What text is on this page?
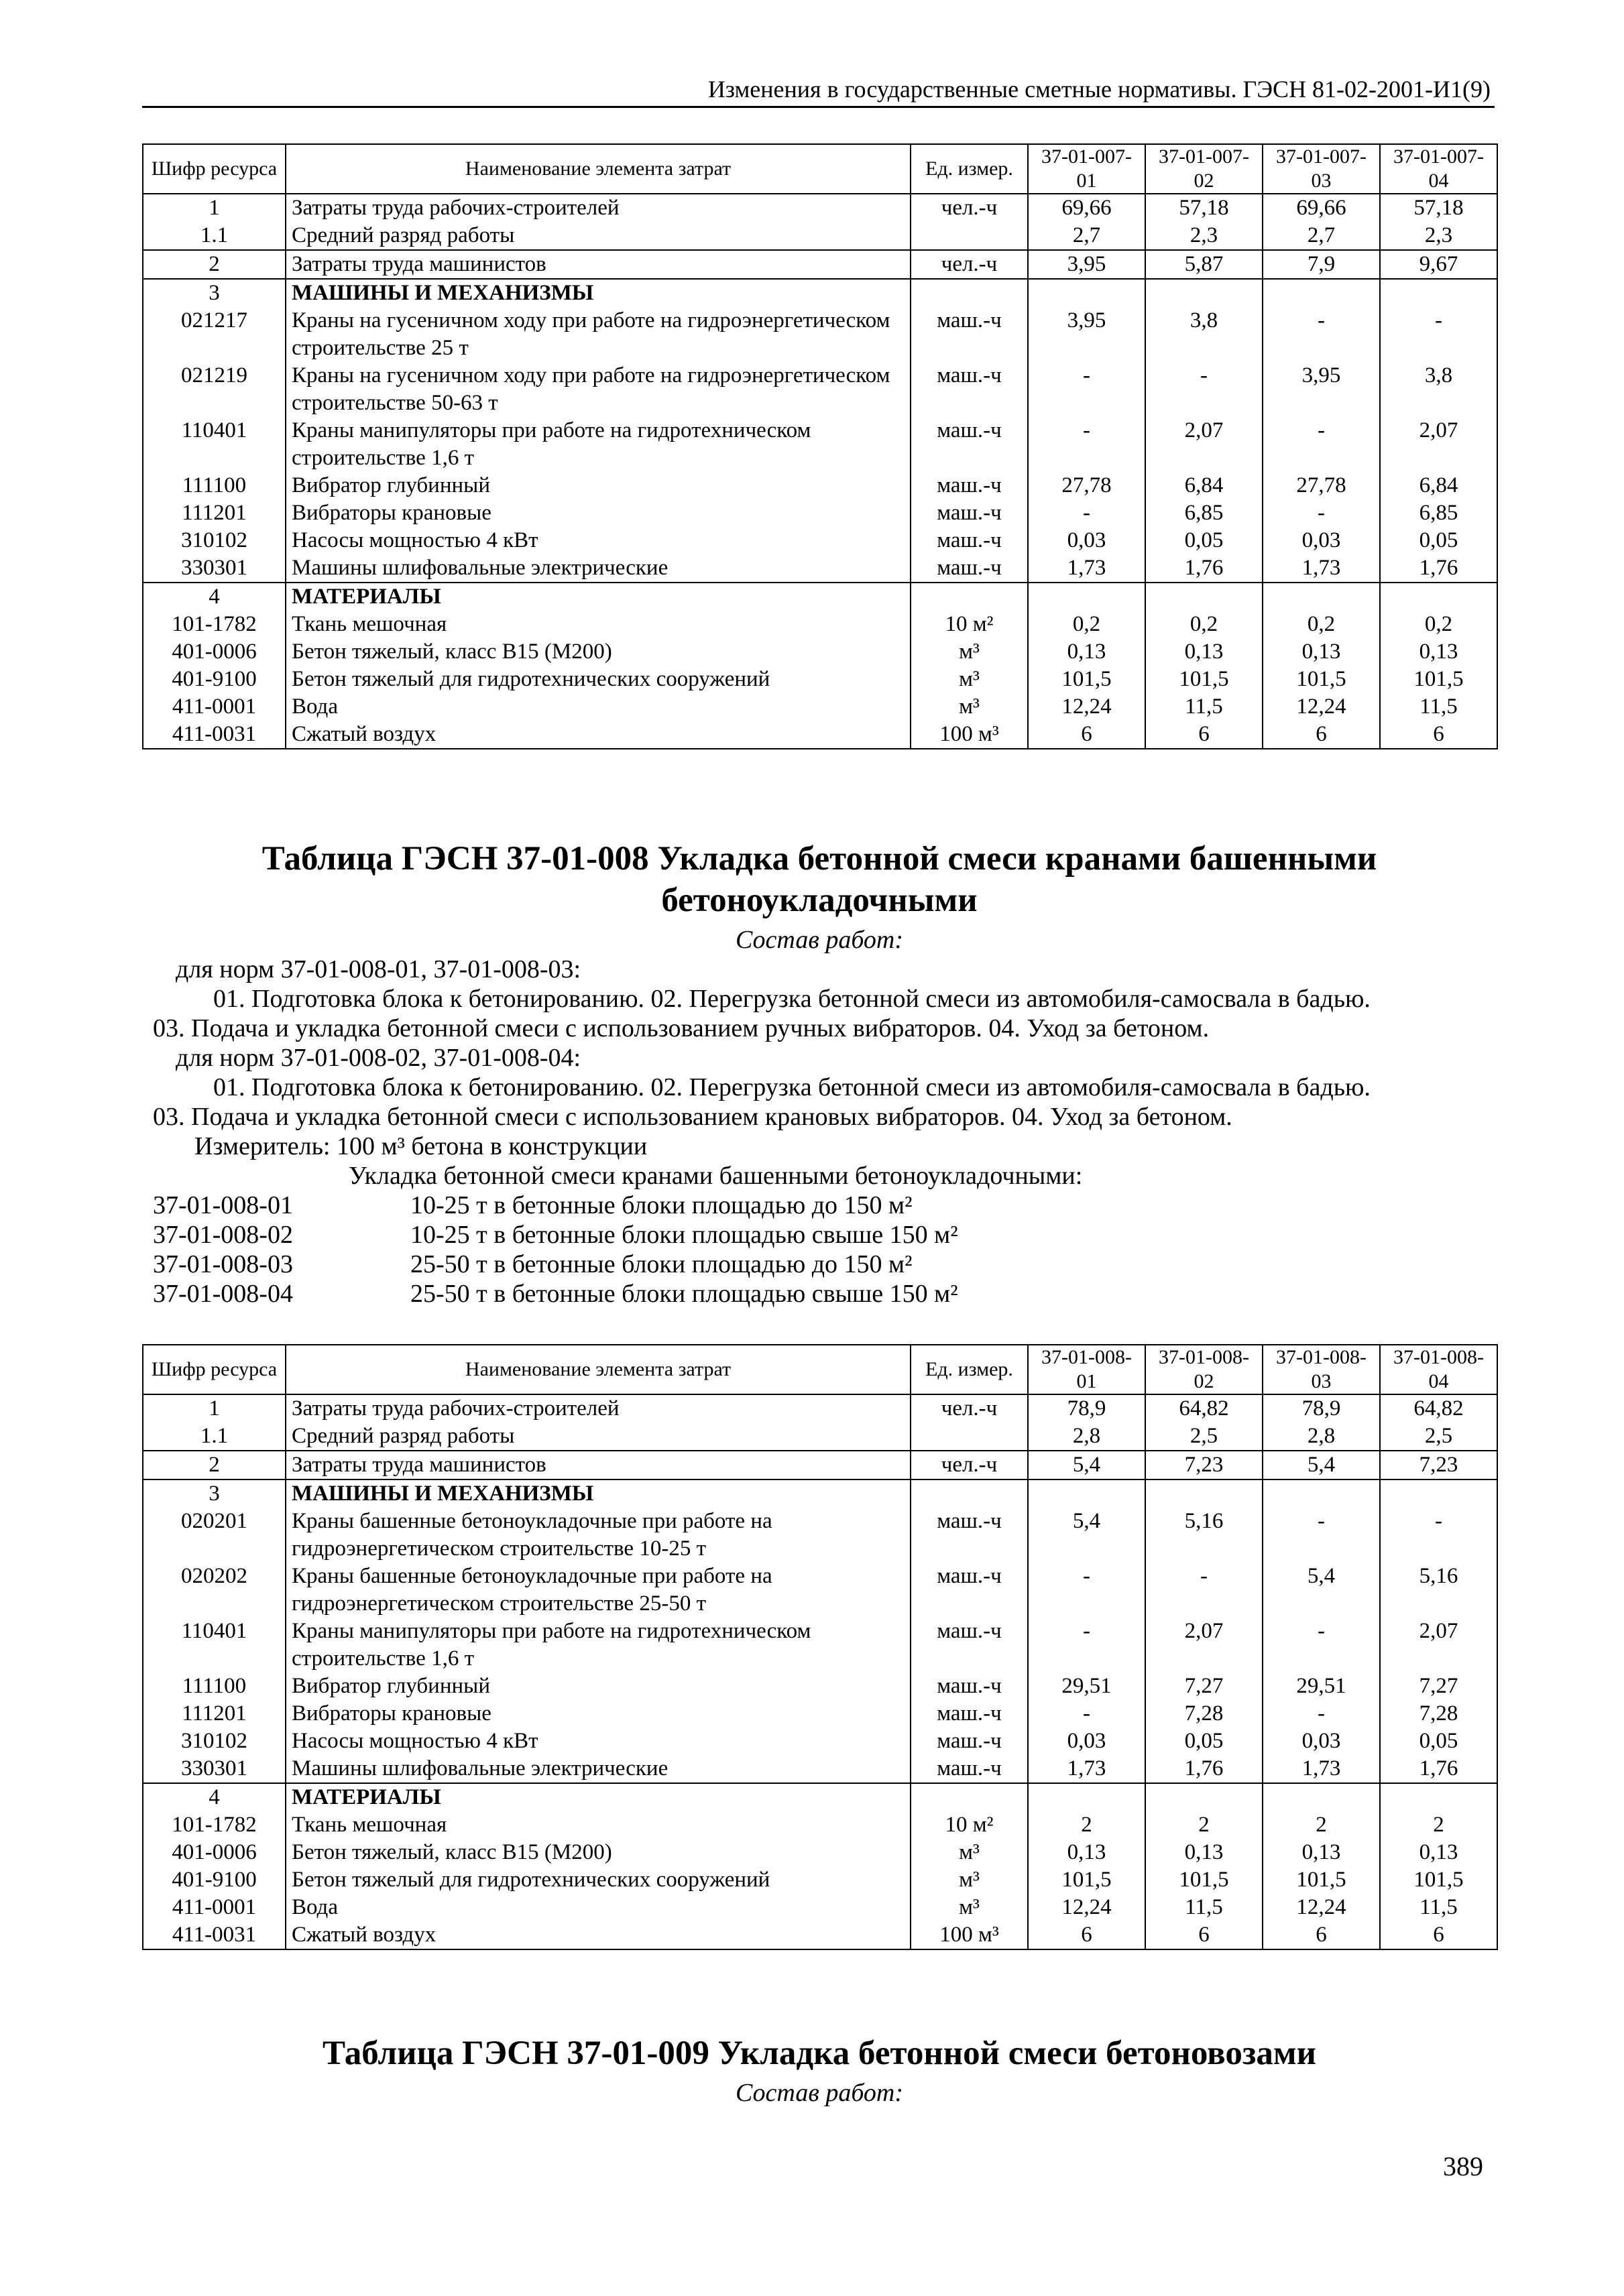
Изменения в государственные сметные нормативы. ГЭСН 81-02-2001-И1(9)
Шифр ресурса	Наименование элемента затрат	Ед. измер.	37-01-007-01	37-01-007-02	37-01-007-03	37-01-007-04
1	Затраты труда рабочих-строителей	чел.-ч	69,66	57,18	69,66	57,18
1.1	Средний разряд работы		2,7	2,3	2,7	2,3
2	Затраты труда машинистов	чел.-ч	3,95	5,87	7,9	9,67
3	МАШИНЫ И МЕХАНИЗМЫ					
021217	Краны на гусеничном ходу при работе на гидроэнергетическом строительстве 25 т	маш.-ч	3,95	3,8	-	-
021219	Краны на гусеничном ходу при работе на гидроэнергетическом строительстве 50-63 т	маш.-ч	-	-	3,95	3,8
110401	Краны манипуляторы при работе на гидротехническом строительстве 1,6 т	маш.-ч	-	2,07	-	2,07
111100	Вибратор глубинный	маш.-ч	27,78	6,84	27,78	6,84
111201	Вибраторы крановые	маш.-ч	-	6,85	-	6,85
310102	Насосы мощностью 4 кВт	маш.-ч	0,03	0,05	0,03	0,05
330301	Машины шлифовальные электрические	маш.-ч	1,73	1,76	1,73	1,76
4	МАТЕРИАЛЫ					
101-1782	Ткань мешочная	10 м²	0,2	0,2	0,2	0,2
401-0006	Бетон тяжелый, класс В15 (М200)	м³	0,13	0,13	0,13	0,13
401-9100	Бетон тяжелый для гидротехнических сооружений	м³	101,5	101,5	101,5	101,5
411-0001	Вода	м³	12,24	11,5	12,24	11,5
411-0031	Сжатый воздух	100 м³	6	6	6	6
Таблица ГЭСН 37-01-008 Укладка бетонной смеси кранами башенными
бетоноукладочными
Состав работ:
для норм 37-01-008-01, 37-01-008-03:
01. Подготовка блока к бетонированию. 02. Перегрузка бетонной смеси из автомобиля-самосвала в бадью.
03. Подача и укладка бетонной смеси с использованием ручных вибраторов. 04. Уход за бетоном.
для норм 37-01-008-02, 37-01-008-04:
01. Подготовка блока к бетонированию. 02. Перегрузка бетонной смеси из автомобиля-самосвала в бадью.
03. Подача и укладка бетонной смеси с использованием крановых вибраторов. 04. Уход за бетоном.
Измеритель: 100 м³ бетона в конструкции
Укладка бетонной смеси кранами башенными бетоноукладочными:
37-01-008-01	10-25 т в бетонные блоки площадью до 150 м²
37-01-008-02	10-25 т в бетонные блоки площадью свыше 150 м²
37-01-008-03	25-50 т в бетонные блоки площадью до 150 м²
37-01-008-04	25-50 т в бетонные блоки площадью свыше 150 м²
Шифр ресурса	Наименование элемента затрат	Ед. измер.	37-01-008-01	37-01-008-02	37-01-008-03	37-01-008-04
1	Затраты труда рабочих-строителей	чел.-ч	78,9	64,82	78,9	64,82
1.1	Средний разряд работы		2,8	2,5	2,8	2,5
2	Затраты труда машинистов	чел.-ч	5,4	7,23	5,4	7,23
3	МАШИНЫ И МЕХАНИЗМЫ					
020201	Краны башенные бетоноукладочные при работе на гидроэнергетическом строительстве 10-25 т	маш.-ч	5,4	5,16	-	-
020202	Краны башенные бетоноукладочные при работе на гидроэнергетическом строительстве 25-50 т	маш.-ч	-	-	5,4	5,16
110401	Краны манипуляторы при работе на гидротехническом строительстве 1,6 т	маш.-ч	-	2,07	-	2,07
111100	Вибратор глубинный	маш.-ч	29,51	7,27	29,51	7,27
111201	Вибраторы крановые	маш.-ч	-	7,28	-	7,28
310102	Насосы мощностью 4 кВт	маш.-ч	0,03	0,05	0,03	0,05
330301	Машины шлифовальные электрические	маш.-ч	1,73	1,76	1,73	1,76
4	МАТЕРИАЛЫ					
101-1782	Ткань мешочная	10 м²	2	2	2	2
401-0006	Бетон тяжелый, класс В15 (М200)	м³	0,13	0,13	0,13	0,13
401-9100	Бетон тяжелый для гидротехнических сооружений	м³	101,5	101,5	101,5	101,5
411-0001	Вода	м³	12,24	11,5	12,24	11,5
411-0031	Сжатый воздух	100 м³	6	6	6	6
Таблица ГЭСН 37-01-009 Укладка бетонной смеси бетоновозами
Состав работ:
389
